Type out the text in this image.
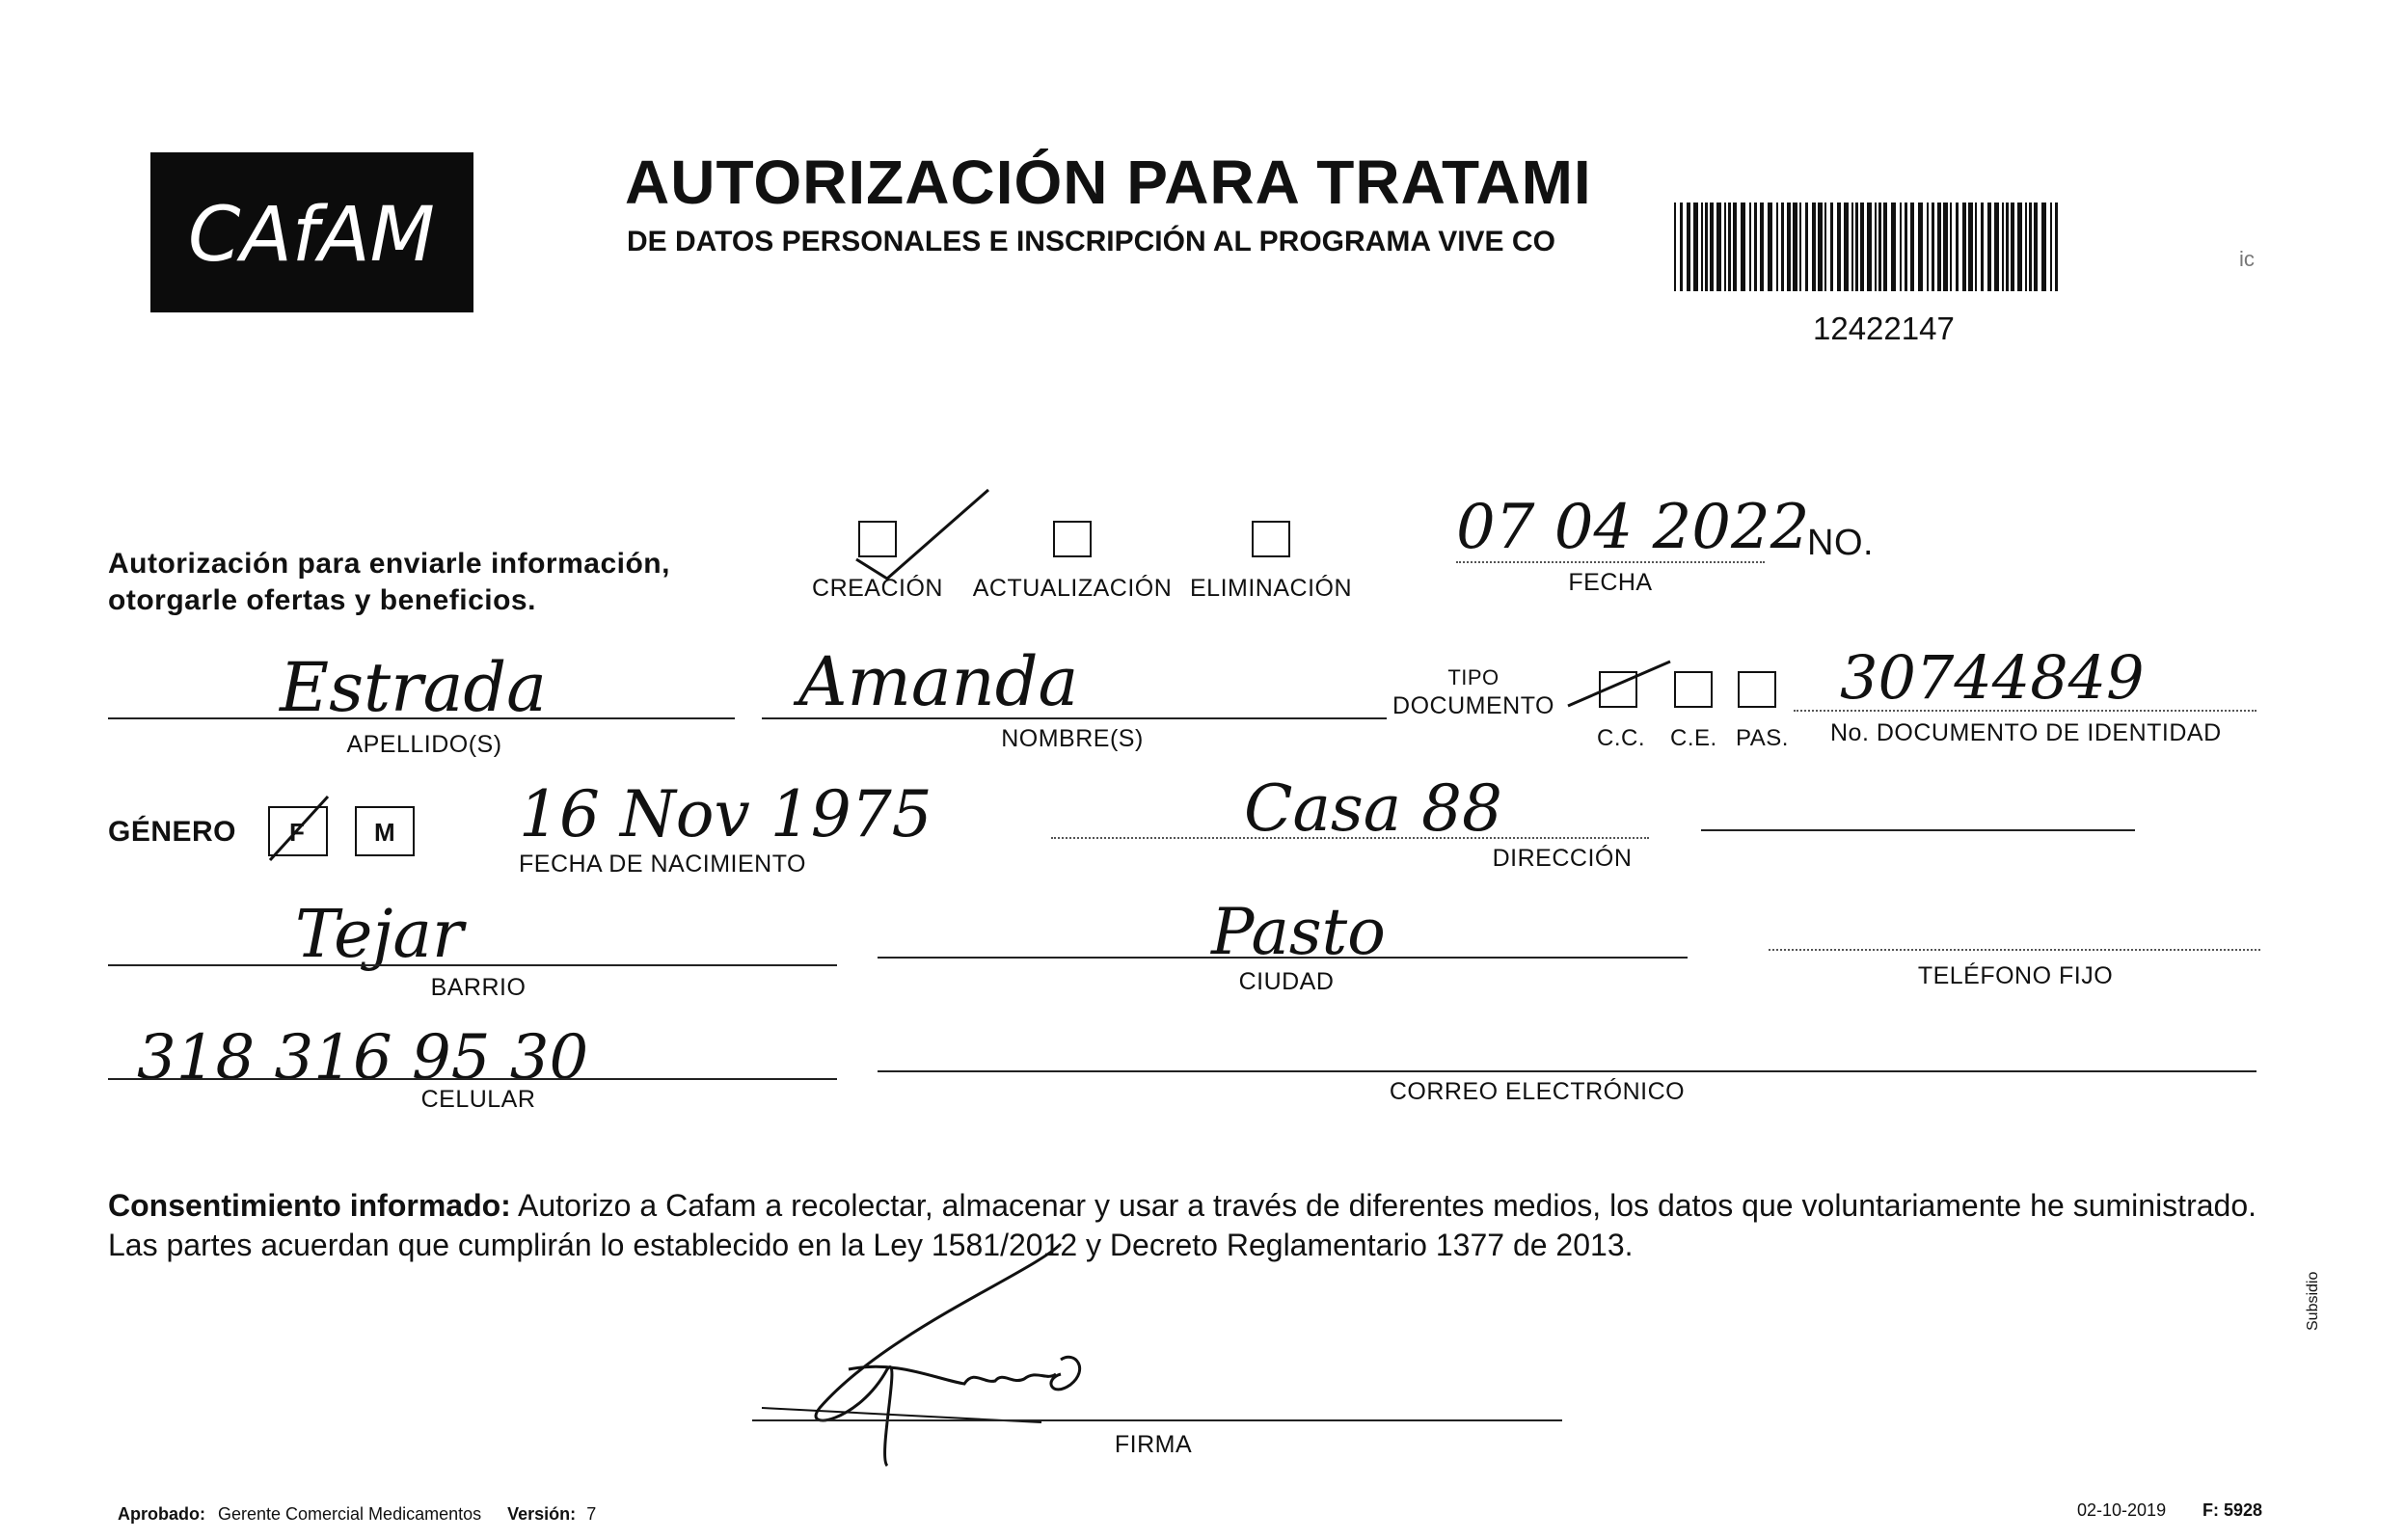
CAfAM
AUTORIZACIÓN PARA TRATAMI
DE DATOS PERSONALES E INSCRIPCIÓN AL PROGRAMA VIVE CO
12422147
ic
Autorización para enviarle información,
otorgarle ofertas y beneficios.	CREACIÓN ACTUALIZACIÓN ELIMINACIÓN
07 04 2022
NO.
FECHA
Estrada
APELLIDO(S)
Amanda
NOMBRE(S)
TIPO
DOCUMENTO
C.C. C.E. PAS.
30744849
No. DOCUMENTO DE IDENTIDAD
GÉNERO F	M 16 Nov 1975
FECHA DE NACIMIENTO
Casa 88
DIRECCIÓN
Tejar
BARRIO
Pasto
CIUDAD	TELÉFONO FIJO
318 316 95 30
CELULAR	CORREO ELECTRÓNICO
Consentimiento informado: Autorizo a Cafam a recolectar, almacenar y usar a través de diferentes medios, los datos que voluntariamente he suministrado. Las partes acuerdan que cumplirán lo establecido en la Ley 1581/2012 y Decreto Reglamentario 1377 de 2013.
FIRMA
Aprobado: Gerente Comercial Medicamentos Versión: 7	02-10-2019 F: 5928
Subsidio
